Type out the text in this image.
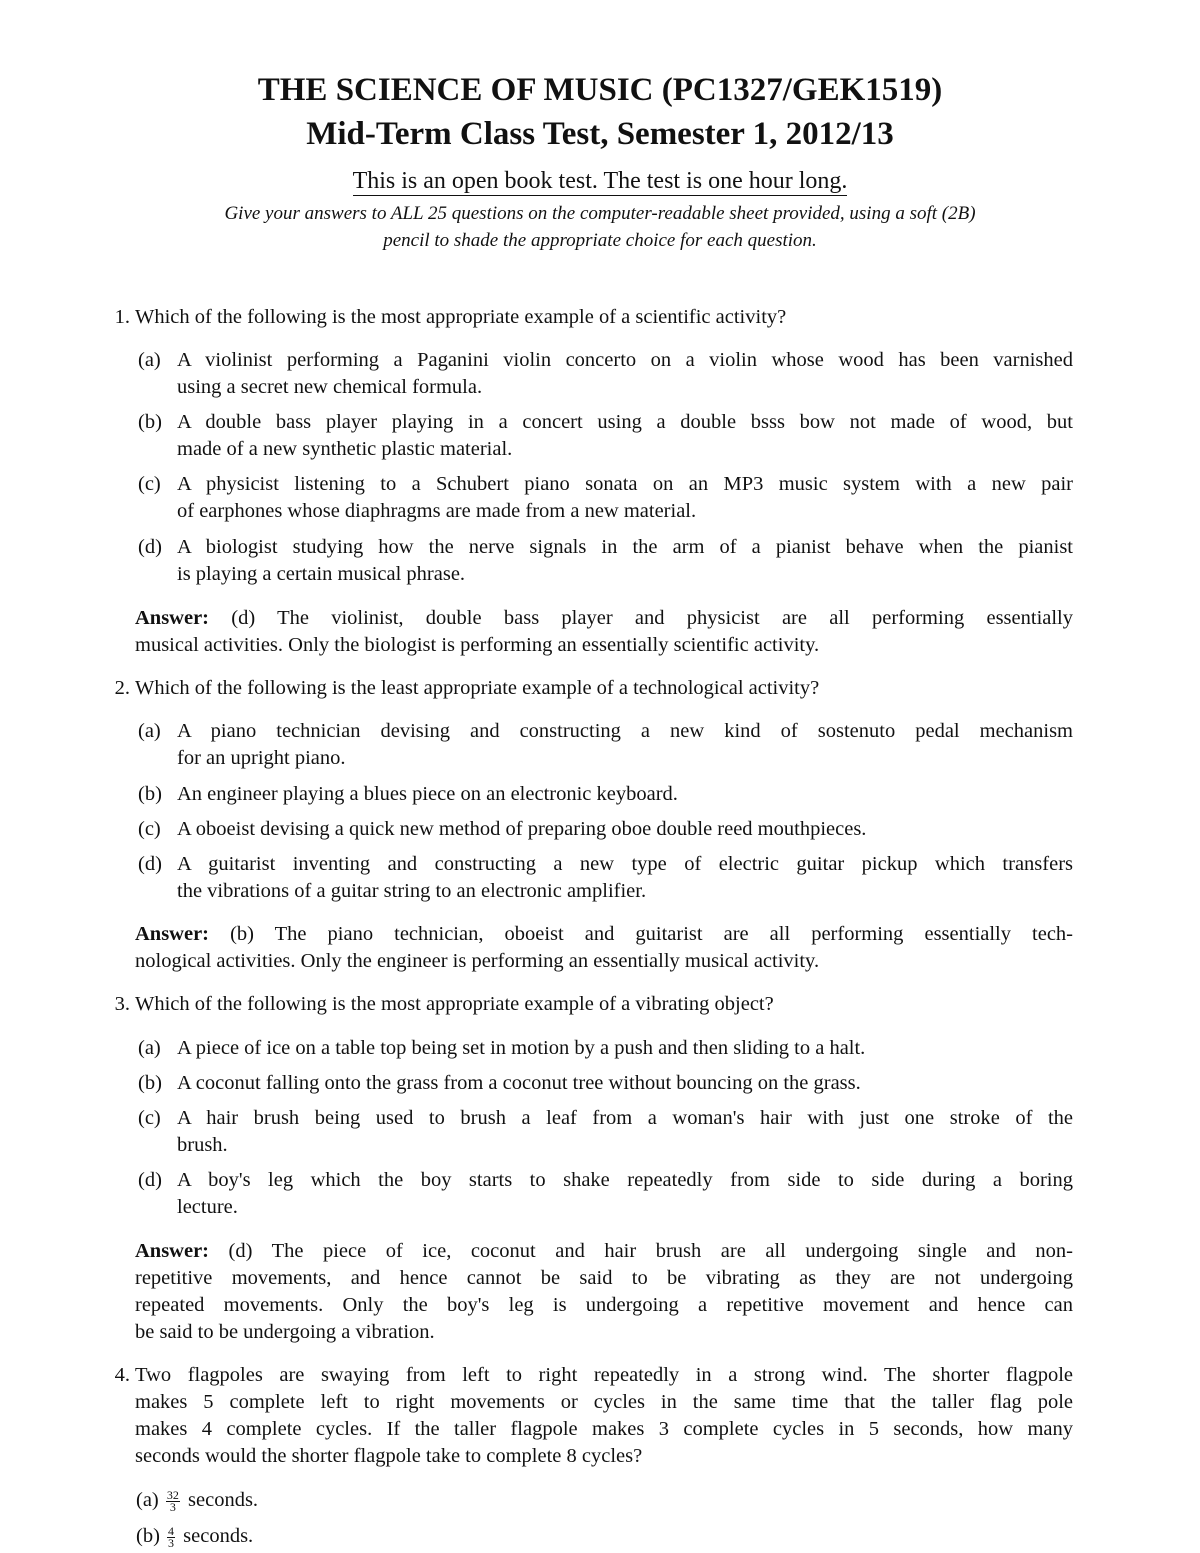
THE SCIENCE OF MUSIC (PC1327/GEK1519)
Mid-Term Class Test, Semester 1, 2012/13
This is an open book test. The test is one hour long.
Give your answers to ALL 25 questions on the computer-readable sheet provided, using a soft (2B)
pencil to shade the appropriate choice for each question.
1. Which of the following is the most appropriate example of a scientific activity?
(a) A violinist performing a Paganini violin concerto on a violin whose wood has been varnished
using a secret new chemical formula.
(b) A double bass player playing in a concert using a double bsss bow not made of wood, but
made of a new synthetic plastic material.
(c) A physicist listening to a Schubert piano sonata on an MP3 music system with a new pair
of earphones whose diaphragms are made from a new material.
(d) A biologist studying how the nerve signals in the arm of a pianist behave when the pianist
is playing a certain musical phrase.
Answer: (d) The violinist, double bass player and physicist are all performing essentially
musical activities. Only the biologist is performing an essentially scientific activity.
2. Which of the following is the least appropriate example of a technological activity?
(a) A piano technician devising and constructing a new kind of sostenuto pedal mechanism
for an upright piano.
(b) An engineer playing a blues piece on an electronic keyboard.
(c) A oboeist devising a quick new method of preparing oboe double reed mouthpieces.
(d) A guitarist inventing and constructing a new type of electric guitar pickup which transfers
the vibrations of a guitar string to an electronic amplifier.
Answer: (b) The piano technician, oboeist and guitarist are all performing essentially tech-
nological activities. Only the engineer is performing an essentially musical activity.
3. Which of the following is the most appropriate example of a vibrating object?
(a) A piece of ice on a table top being set in motion by a push and then sliding to a halt.
(b) A coconut falling onto the grass from a coconut tree without bouncing on the grass.
(c) A hair brush being used to brush a leaf from a woman's hair with just one stroke of the
brush.
(d) A boy's leg which the boy starts to shake repeatedly from side to side during a boring
lecture.
Answer: (d) The piece of ice, coconut and hair brush are all undergoing single and non-
repetitive movements, and hence cannot be said to be vibrating as they are not undergoing
repeated movements. Only the boy's leg is undergoing a repetitive movement and hence can
be said to be undergoing a vibration.
4. Two flagpoles are swaying from left to right repeatedly in a strong wind. The shorter flagpole
makes 5 complete left to right movements or cycles in the same time that the taller flag pole
makes 4 complete cycles. If the taller flagpole makes 3 complete cycles in 5 seconds, how many
seconds would the shorter flagpole take to complete 8 cycles?
$(a) \frac{32}{3}$ seconds.
$(b) \frac{4}{3}$ seconds.
